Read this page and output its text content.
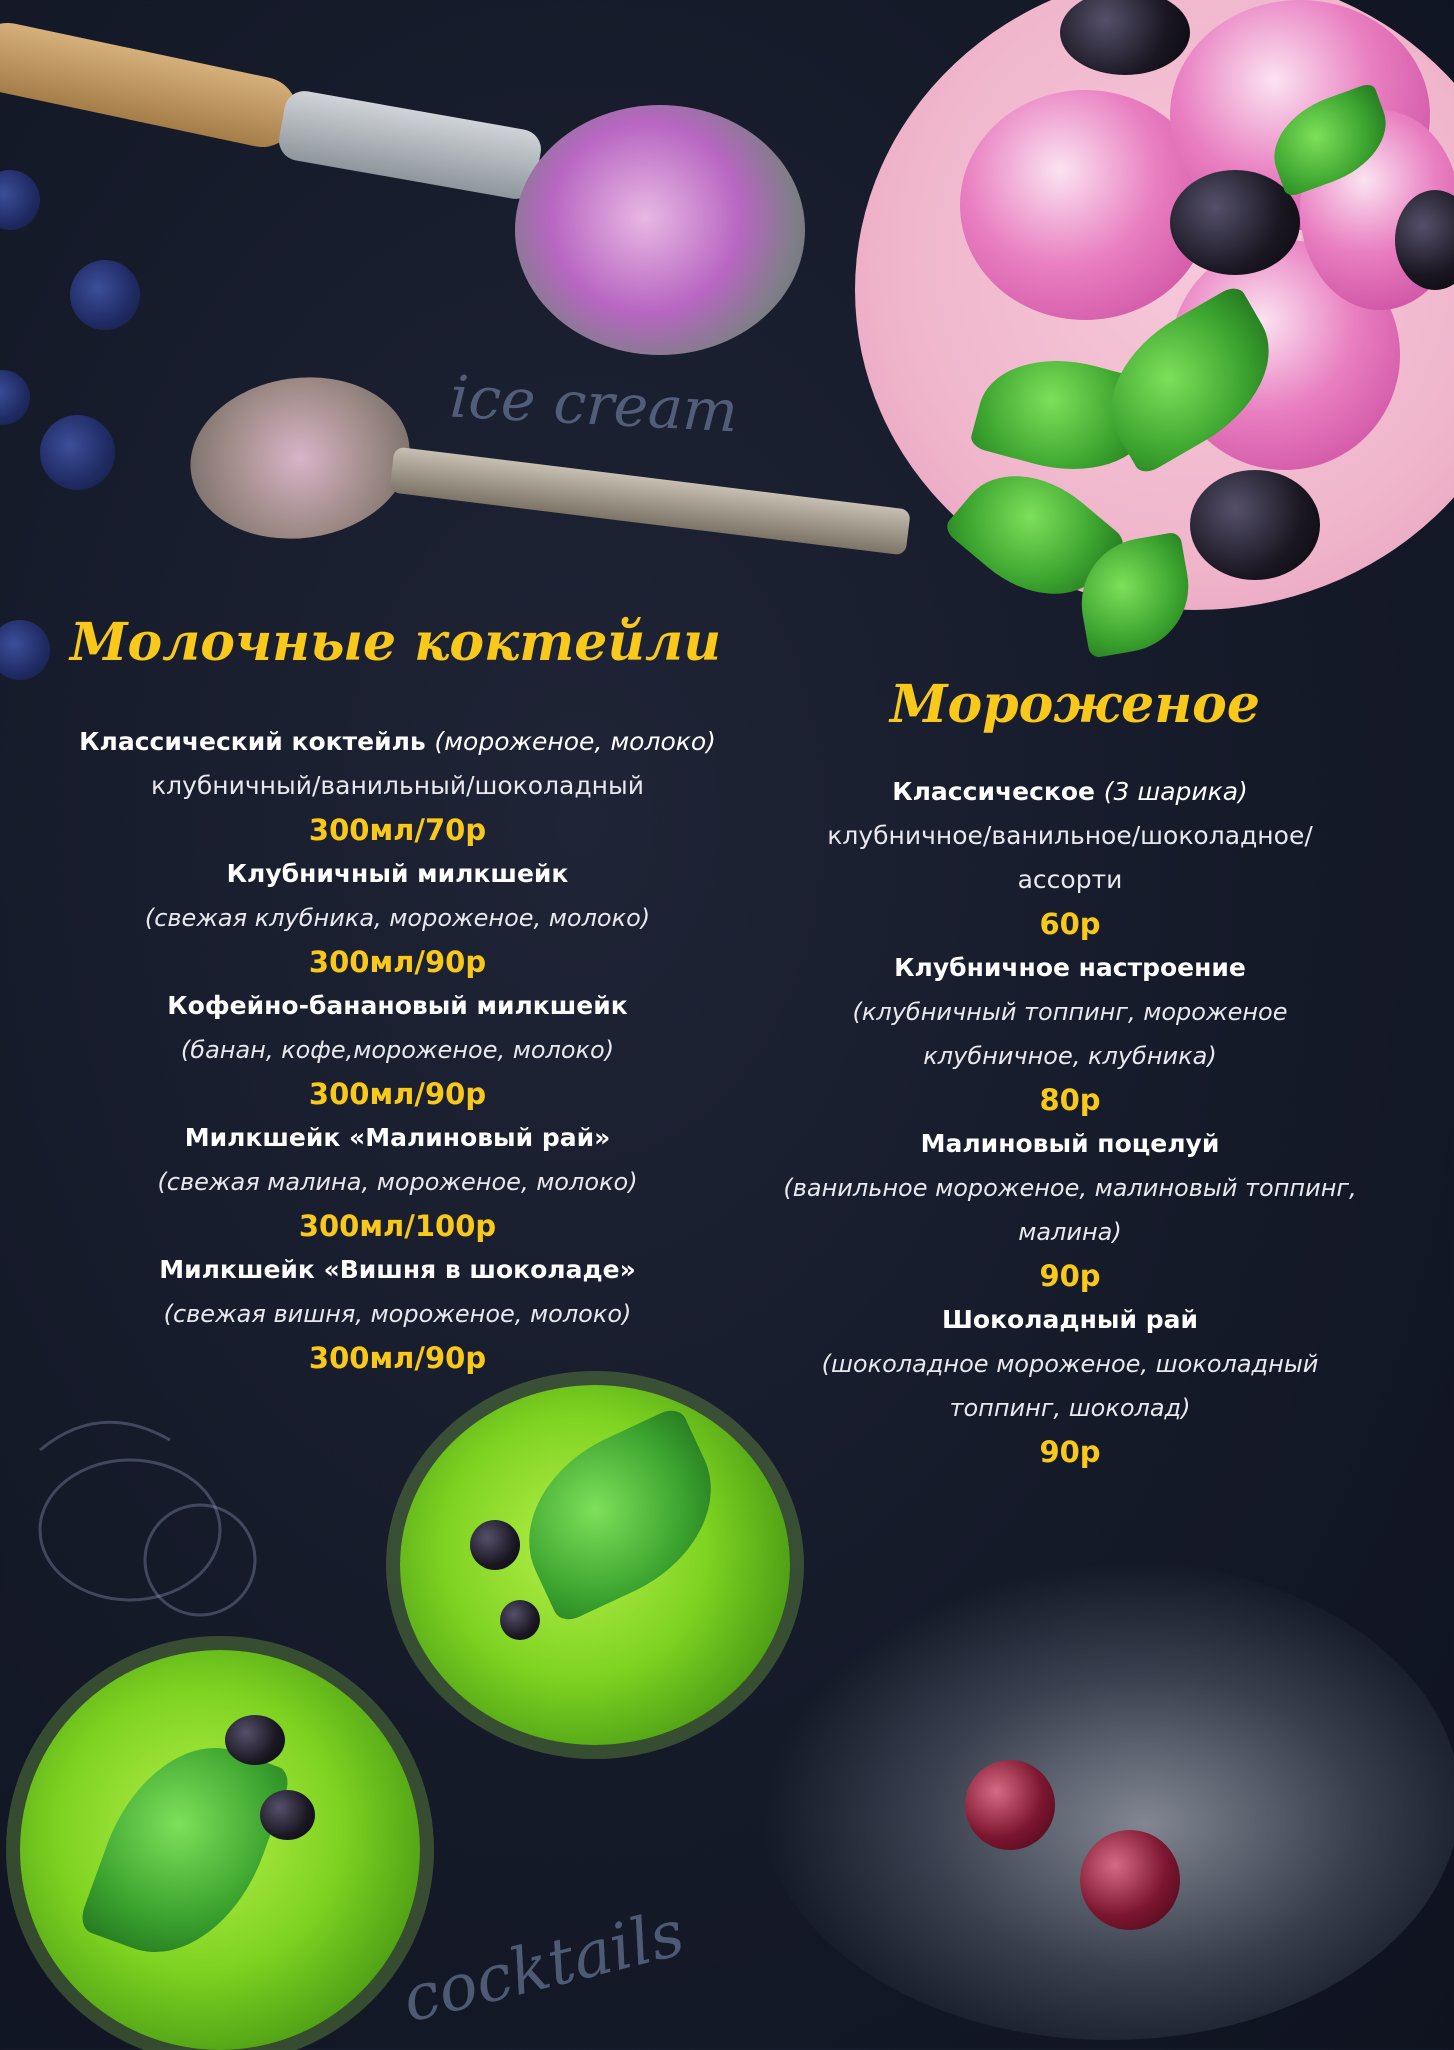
ice cream
Молочные коктейли
Классический коктейль (мороженое, молоко)
клубничный/ванильный/шоколадный
300мл/70р
Клубничный милкшейк
(свежая клубника, мороженое, молоко)
300мл/90р
Кофейно-банановый милкшейк
(банан, кофе,мороженое, молоко)
300мл/90р
Милкшейк «Малиновый рай»
(свежая малина, мороженое, молоко)
300мл/100р
Милкшейк «Вишня в шоколаде»
(свежая вишня, мороженое, молоко)
300мл/90р
Мороженое
Классическое (3 шарика)
клубничное/ванильное/шоколадное/
ассорти
60р
Клубничное настроение
(клубничный топпинг, мороженое
клубничное, клубника)
80р
Малиновый поцелуй
(ванильное мороженое, малиновый топпинг,
малина)
90р
Шоколадный рай
(шоколадное мороженое, шоколадный
топпинг, шоколад)
90р
cocktails
